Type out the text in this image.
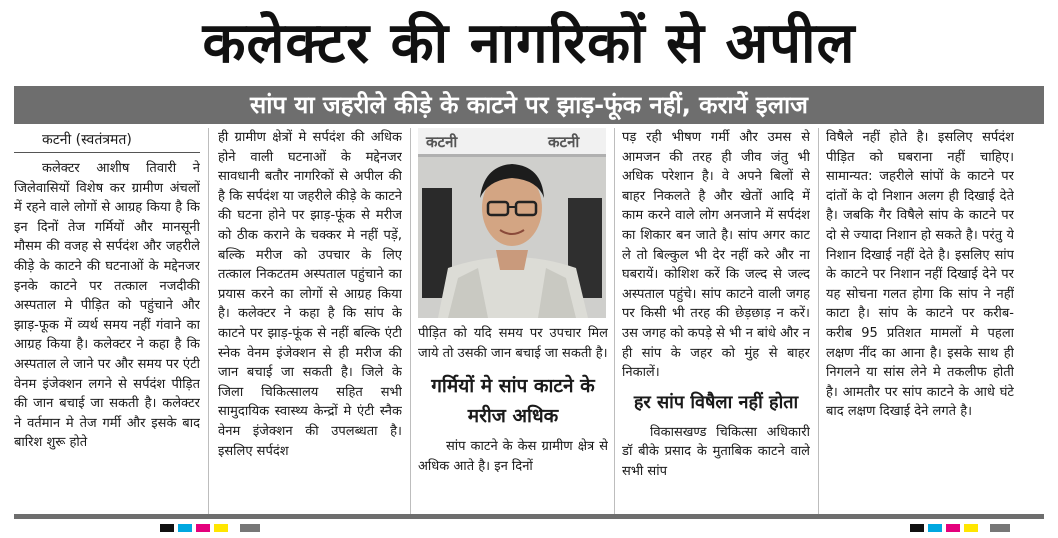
कलेक्टर की नागरिकों से अपील
सांप या जहरीले कीड़े के काटने पर झाड़-फूंक नहीं, करायें इलाज
कटनी (स्वतंत्रमत)

कलेक्टर आशीष तिवारी ने जिलेवासियों विशेष कर ग्रामीण अंचलों में रहने वाले लोगों से आग्रह किया है कि इन दिनों तेज गर्मियों और मानसूनी मौसम की वजह से सर्पदंश और जहरीले कीड़े के काटने की घटनाओं के मद्देनजर इनके काटने पर तत्काल नजदीकी अस्पताल मे पीड़ित को पहुंचाने और झाड़-फूक में व्यर्थ समय नहीं गंवाने का आग्रह किया है। कलेक्टर ने कहा है कि अस्पताल ले जाने पर और समय पर एंटी वेनम इंजेक्शन लगने से सर्पदंश पीड़ित की जान बचाई जा सकती है। कलेक्टर ने वर्तमान मे तेज गर्मी और इसके बाद बारिश शुरू होते

ही ग्रामीण क्षेत्रों मे सर्पदंश की अधिक होने वाली घटनाओं के मद्देनजर सावधानी बतौर नागरिकों से अपील की है कि सर्पदंश या जहरीले कीड़े के काटने की घटना होने पर झाड़-फूंक से मरीज को ठीक कराने के चक्कर मे नहीं पड़ें, बल्कि मरीज को उपचार के लिए तत्काल निकटतम अस्पताल पहुंचाने का प्रयास करने का लोगों से आग्रह किया है। कलेक्टर ने कहा है कि सांप के काटने पर झाड़-फूंक से नहीं बल्कि एंटी स्नेक वेनम इंजेक्शन से ही मरीज की जान बचाई जा सकती है। जिले के जिला चिकित्सालय सहित सभी सामुदायिक स्वास्थ्य केन्द्रों मे एंटी स्नैक वेनम इंजेक्शन की उपलब्धता है। इसलिए सर्पदंश

कटनी	कटनी

पीड़ित को यदि समय पर उपचार मिल जाये तो उसकी जान बचाई जा सकती है।

गर्मियों मे सांप काटने के मरीज अधिक

सांप काटने के केस ग्रामीण क्षेत्र से अधिक आते है। इन दिनों

पड़ रही भीषण गर्मी और उमस से आमजन की तरह ही जीव जंतु भी अधिक परेशान है। वे अपने बिलों से बाहर निकलते है और खेतों आदि में काम करने वाले लोग अनजाने में सर्पदंश का शिकार बन जाते है। सांप अगर काट ले तो बिल्कुल भी देर नहीं करे और ना घबरायें। कोशिश करें कि जल्द से जल्द अस्पताल पहुंचे। सांप काटने वाली जगह पर किसी भी तरह की छेड़छाड़ न करें। उस जगह को कपड़े से भी न बांधे और न ही सांप के जहर को मुंह से बाहर निकालें।

हर सांप विषैला नहीं होता

विकासखण्ड चिकित्सा अधिकारी डॉ बीके प्रसाद के मुताबिक काटने वाले सभी सांप

विषैले नहीं होते है। इसलिए सर्पदंश पीड़ित को घबराना नहीं चाहिए। सामान्यत: जहरीले सांपों के काटने पर दांतों के दो निशान अलग ही दिखाई देते है। जबकि गैर विषैले सांप के काटने पर दो से ज्यादा निशान हो सकते है। परंतु ये निशान दिखाई नहीं देते है। इसलिए सांप के काटने पर निशान नहीं दिखाई देने पर यह सोचना गलत होगा कि सांप ने नहीं काटा है। सांप के काटने पर करीब- करीब 95 प्रतिशत मामलों मे पहला लक्षण नींद का आना है। इसके साथ ही निगलने या सांस लेने मे तकलीफ होती है। आमतौर पर सांप काटने के आधे घंटे बाद लक्षण दिखाई देने लगते है।
